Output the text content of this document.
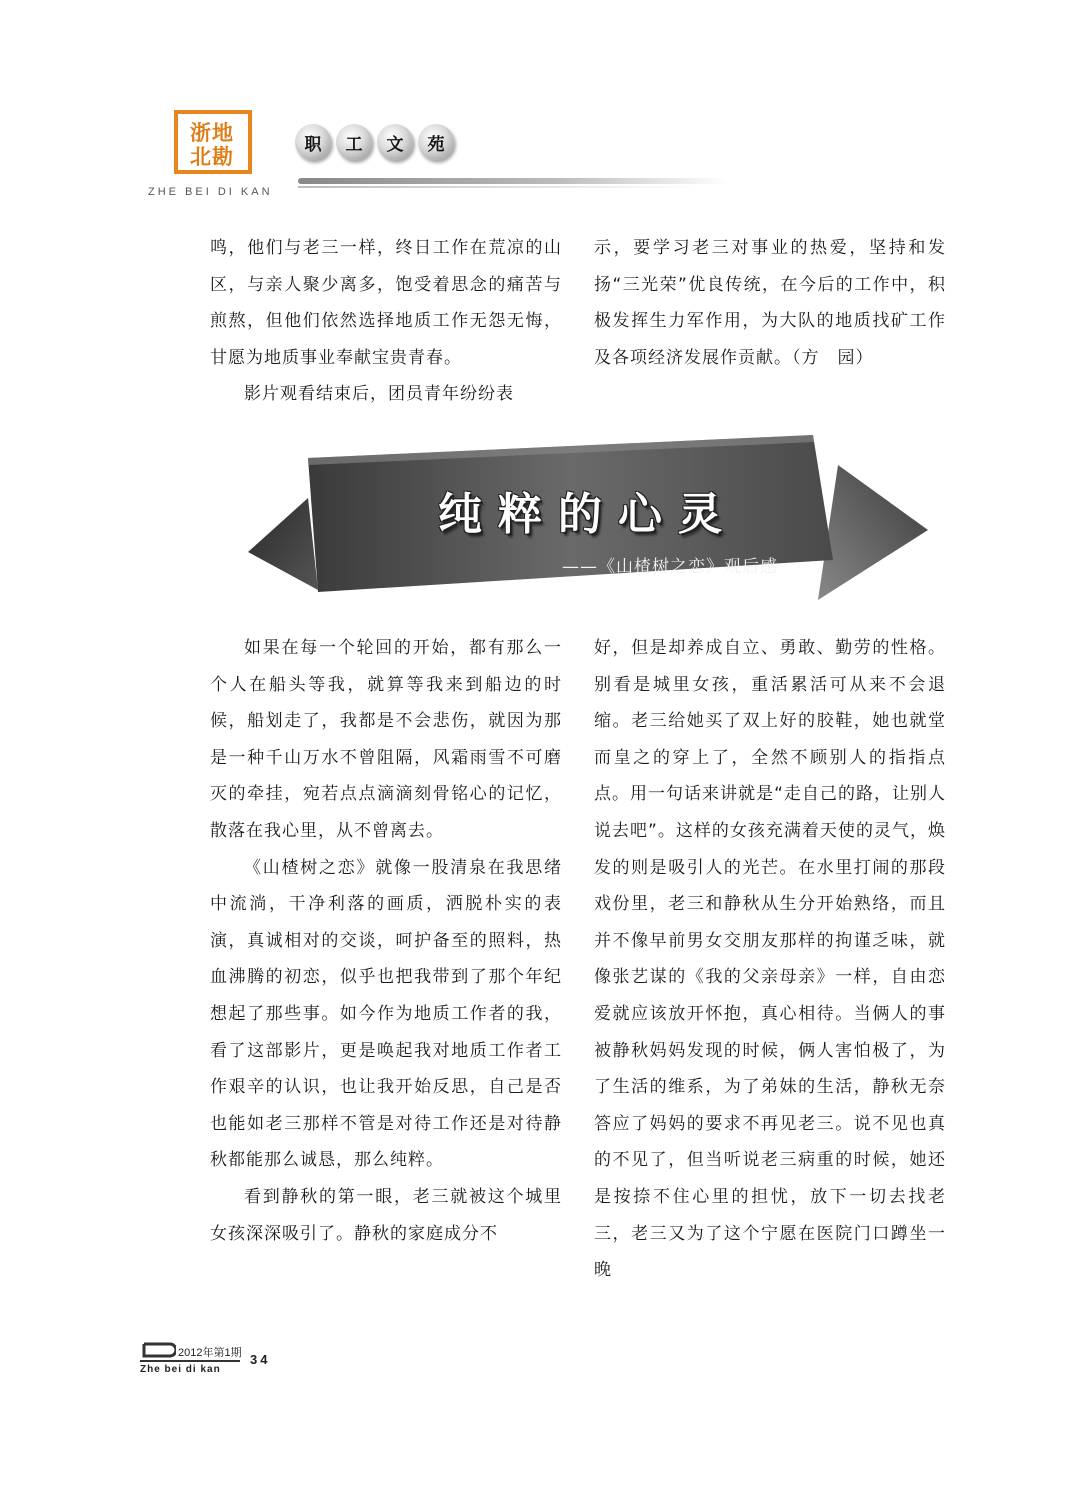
浙地
北勘
ZHE BEI DI KAN
职	工	文	苑

鸣，他们与老三一样，终日工作在荒凉的山区，与亲人聚少离多，饱受着思念的痛苦与煎熬，但他们依然选择地质工作无怨无悔，甘愿为地质事业奉献宝贵青春。

影片观看结束后，团员青年纷纷表

示，要学习老三对事业的热爱，坚持和发扬“三光荣”优良传统，在今后的工作中，积极发挥生力军作用，为大队的地质找矿工作及各项经济发展作贡献。（方　园）

纯粹的心灵
——《山楂树之恋》观后感

如果在每一个轮回的开始，都有那么一个人在船头等我，就算等我来到船边的时候，船划走了，我都是不会悲伤，就因为那是一种千山万水不曾阻隔，风霜雨雪不可磨灭的牵挂，宛若点点滴滴刻骨铭心的记忆，散落在我心里，从不曾离去。

《山楂树之恋》就像一股清泉在我思绪中流淌，干净利落的画质，洒脱朴实的表演，真诚相对的交谈，呵护备至的照料，热血沸腾的初恋，似乎也把我带到了那个年纪想起了那些事。如今作为地质工作者的我，看了这部影片，更是唤起我对地质工作者工作艰辛的认识，也让我开始反思，自己是否也能如老三那样不管是对待工作还是对待静秋都能那么诚恳，那么纯粹。

看到静秋的第一眼，老三就被这个城里女孩深深吸引了。静秋的家庭成分不

好，但是却养成自立、勇敢、勤劳的性格。别看是城里女孩，重活累活可从来不会退缩。老三给她买了双上好的胶鞋，她也就堂而皇之的穿上了，全然不顾别人的指指点点。用一句话来讲就是“走自己的路，让别人说去吧”。这样的女孩充满着天使的灵气，焕发的则是吸引人的光芒。在水里打闹的那段戏份里，老三和静秋从生分开始熟络，而且并不像早前男女交朋友那样的拘谨乏味，就像张艺谋的《我的父亲母亲》一样，自由恋爱就应该放开怀抱，真心相待。当俩人的事被静秋妈妈发现的时候，俩人害怕极了，为了生活的维系，为了弟妹的生活，静秋无奈答应了妈妈的要求不再见老三。说不见也真的不见了，但当听说老三病重的时候，她还是按捺不住心里的担忧，放下一切去找老三，老三又为了这个宁愿在医院门口蹲坐一晚

2012年第1期
Zhe bei di kan
34
